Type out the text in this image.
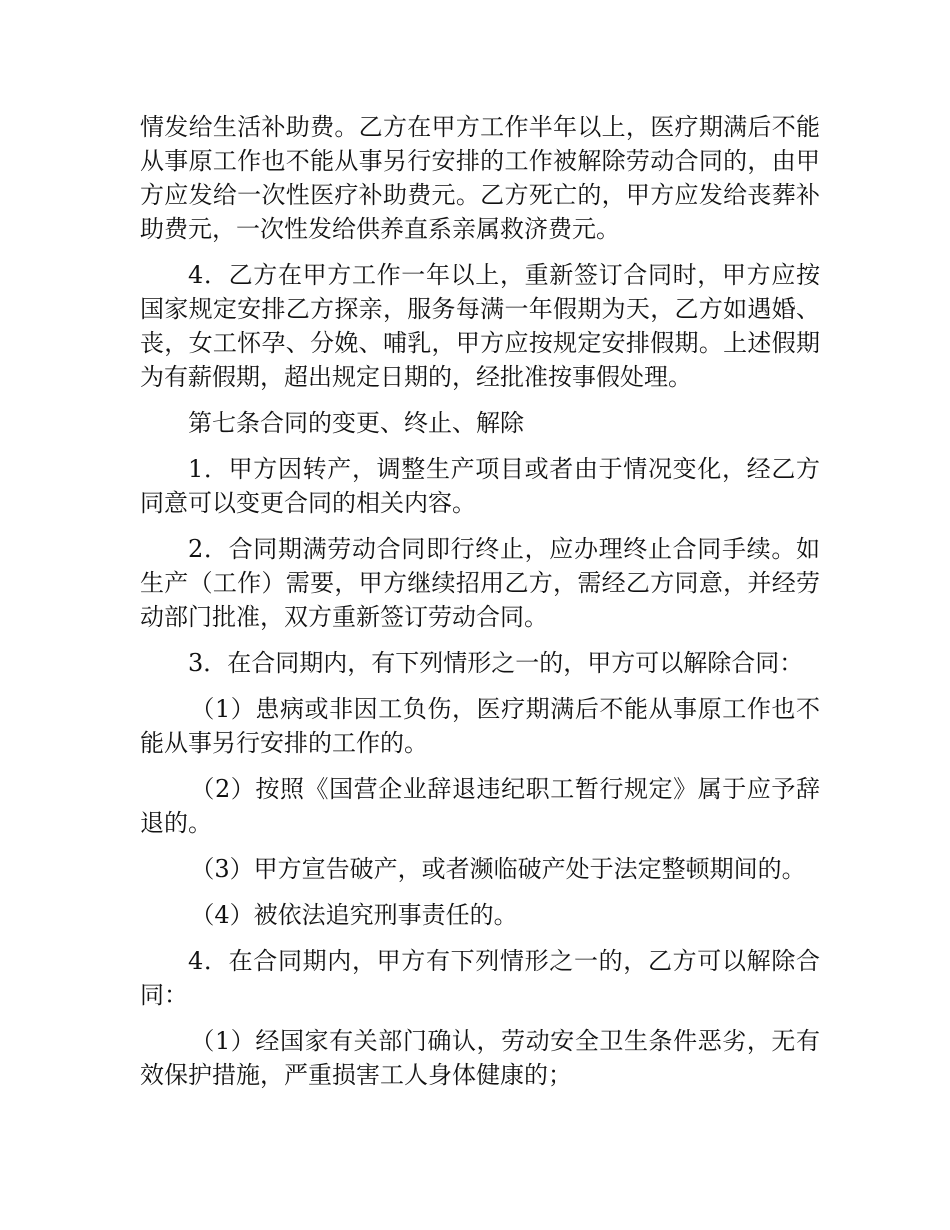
情发给生活补助费。乙方在甲方工作半年以上，医疗期满后不能从事原工作也不能从事另行安排的工作被解除劳动合同的，由甲方应发给一次性医疗补助费元。乙方死亡的，甲方应发给丧葬补助费元，一次性发给供养直系亲属救济费元。

4．乙方在甲方工作一年以上，重新签订合同时，甲方应按国家规定安排乙方探亲，服务每满一年假期为天，乙方如遇婚、丧，女工怀孕、分娩、哺乳，甲方应按规定安排假期。上述假期为有薪假期，超出规定日期的，经批准按事假处理。

第七条合同的变更、终止、解除

1．甲方因转产，调整生产项目或者由于情况变化，经乙方同意可以变更合同的相关内容。

2．合同期满劳动合同即行终止，应办理终止合同手续。如生产（工作）需要，甲方继续招用乙方，需经乙方同意，并经劳动部门批准，双方重新签订劳动合同。

3．在合同期内，有下列情形之一的，甲方可以解除合同：

（1）患病或非因工负伤，医疗期满后不能从事原工作也不能从事另行安排的工作的。

（2）按照《国营企业辞退违纪职工暂行规定》属于应予辞退的。

（3）甲方宣告破产，或者濒临破产处于法定整顿期间的。

（4）被依法追究刑事责任的。

4．在合同期内，甲方有下列情形之一的，乙方可以解除合同：

（1）经国家有关部门确认，劳动安全卫生条件恶劣，无有效保护措施，严重损害工人身体健康的；
